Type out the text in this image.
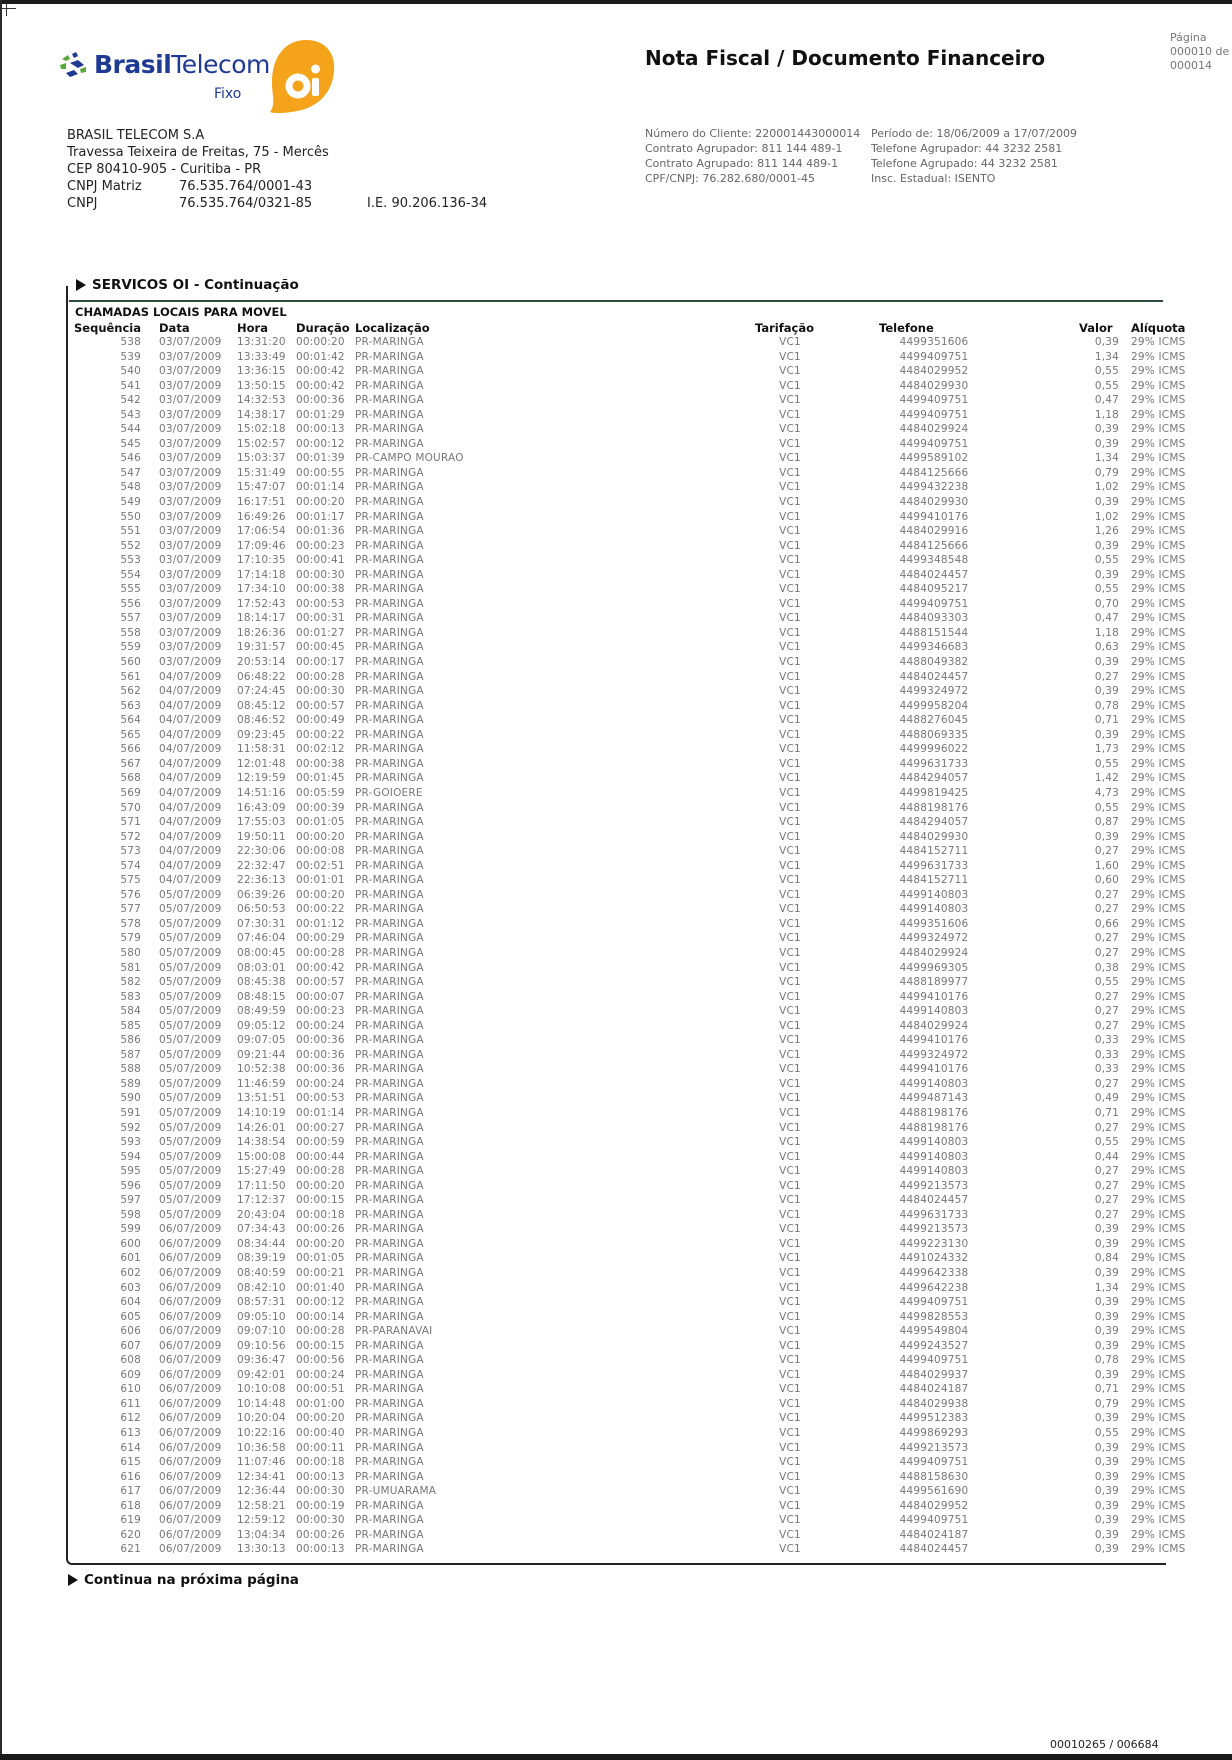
BrasilTelecom
Fixo
BRASIL TELECOM S.A
Travessa Teixeira de Freitas, 75 - Mercês
CEP 80410-905 - Curitiba - PR
CNPJ Matriz	76.535.764/0001-43
CNPJ	76.535.764/0321-85	I.E. 90.206.136-34
Nota Fiscal / Documento Financeiro
Página
000010 de
000014
Número do Cliente: 220001443000014 Período de: 18/06/2009 a 17/07/2009
Contrato Agrupador: 811 144 489-1	Telefone Agrupador: 44 3232 2581
Contrato Agrupado: 811 144 489-1	Telefone Agrupado: 44 3232 2581
CPF/CNPJ: 76.282.680/0001-45	Insc. Estadual: ISENTO
SERVICOS OI - Continuação
CHAMADAS LOCAIS PARA MOVEL
Sequência	Data	Hora	Duração	Localização	Tarifação		Telefone		Valor	Alíquota
538	03/07/2009	13:31:20	00:00:20	PR-MARINGA	VC1		4499351606		0,39	29% ICMS
539	03/07/2009	13:33:49	00:01:42	PR-MARINGA	VC1		4499409751		1,34	29% ICMS
540	03/07/2009	13:36:15	00:00:42	PR-MARINGA	VC1		4484029952		0,55	29% ICMS
541	03/07/2009	13:50:15	00:00:42	PR-MARINGA	VC1		4484029930		0,55	29% ICMS
542	03/07/2009	14:32:53	00:00:36	PR-MARINGA	VC1		4499409751		0,47	29% ICMS
543	03/07/2009	14:38:17	00:01:29	PR-MARINGA	VC1		4499409751		1,18	29% ICMS
544	03/07/2009	15:02:18	00:00:13	PR-MARINGA	VC1		4484029924		0,39	29% ICMS
545	03/07/2009	15:02:57	00:00:12	PR-MARINGA	VC1		4499409751		0,39	29% ICMS
546	03/07/2009	15:03:37	00:01:39	PR-CAMPO MOURAO	VC1		4499589102		1,34	29% ICMS
547	03/07/2009	15:31:49	00:00:55	PR-MARINGA	VC1		4484125666		0,79	29% ICMS
548	03/07/2009	15:47:07	00:01:14	PR-MARINGA	VC1		4499432238		1,02	29% ICMS
549	03/07/2009	16:17:51	00:00:20	PR-MARINGA	VC1		4484029930		0,39	29% ICMS
550	03/07/2009	16:49:26	00:01:17	PR-MARINGA	VC1		4499410176		1,02	29% ICMS
551	03/07/2009	17:06:54	00:01:36	PR-MARINGA	VC1		4484029916		1,26	29% ICMS
552	03/07/2009	17:09:46	00:00:23	PR-MARINGA	VC1		4484125666		0,39	29% ICMS
553	03/07/2009	17:10:35	00:00:41	PR-MARINGA	VC1		4499348548		0,55	29% ICMS
554	03/07/2009	17:14:18	00:00:30	PR-MARINGA	VC1		4484024457		0,39	29% ICMS
555	03/07/2009	17:34:10	00:00:38	PR-MARINGA	VC1		4484095217		0,55	29% ICMS
556	03/07/2009	17:52:43	00:00:53	PR-MARINGA	VC1		4499409751		0,70	29% ICMS
557	03/07/2009	18:14:17	00:00:31	PR-MARINGA	VC1		4484093303		0,47	29% ICMS
558	03/07/2009	18:26:36	00:01:27	PR-MARINGA	VC1		4488151544		1,18	29% ICMS
559	03/07/2009	19:31:57	00:00:45	PR-MARINGA	VC1		4499346683		0,63	29% ICMS
560	03/07/2009	20:53:14	00:00:17	PR-MARINGA	VC1		4488049382		0,39	29% ICMS
561	04/07/2009	06:48:22	00:00:28	PR-MARINGA	VC1		4484024457		0,27	29% ICMS
562	04/07/2009	07:24:45	00:00:30	PR-MARINGA	VC1		4499324972		0,39	29% ICMS
563	04/07/2009	08:45:12	00:00:57	PR-MARINGA	VC1		4499958204		0,78	29% ICMS
564	04/07/2009	08:46:52	00:00:49	PR-MARINGA	VC1		4488276045		0,71	29% ICMS
565	04/07/2009	09:23:45	00:00:22	PR-MARINGA	VC1		4488069335		0,39	29% ICMS
566	04/07/2009	11:58:31	00:02:12	PR-MARINGA	VC1		4499996022		1,73	29% ICMS
567	04/07/2009	12:01:48	00:00:38	PR-MARINGA	VC1		4499631733		0,55	29% ICMS
568	04/07/2009	12:19:59	00:01:45	PR-MARINGA	VC1		4484294057		1,42	29% ICMS
569	04/07/2009	14:51:16	00:05:59	PR-GOIOERE	VC1		4499819425		4,73	29% ICMS
570	04/07/2009	16:43:09	00:00:39	PR-MARINGA	VC1		4488198176		0,55	29% ICMS
571	04/07/2009	17:55:03	00:01:05	PR-MARINGA	VC1		4484294057		0,87	29% ICMS
572	04/07/2009	19:50:11	00:00:20	PR-MARINGA	VC1		4484029930		0,39	29% ICMS
573	04/07/2009	22:30:06	00:00:08	PR-MARINGA	VC1		4484152711		0,27	29% ICMS
574	04/07/2009	22:32:47	00:02:51	PR-MARINGA	VC1		4499631733		1,60	29% ICMS
575	04/07/2009	22:36:13	00:01:01	PR-MARINGA	VC1		4484152711		0,60	29% ICMS
576	05/07/2009	06:39:26	00:00:20	PR-MARINGA	VC1		4499140803		0,27	29% ICMS
577	05/07/2009	06:50:53	00:00:22	PR-MARINGA	VC1		4499140803		0,27	29% ICMS
578	05/07/2009	07:30:31	00:01:12	PR-MARINGA	VC1		4499351606		0,66	29% ICMS
579	05/07/2009	07:46:04	00:00:29	PR-MARINGA	VC1		4499324972		0,27	29% ICMS
580	05/07/2009	08:00:45	00:00:28	PR-MARINGA	VC1		4484029924		0,27	29% ICMS
581	05/07/2009	08:03:01	00:00:42	PR-MARINGA	VC1		4499969305		0,38	29% ICMS
582	05/07/2009	08:45:38	00:00:57	PR-MARINGA	VC1		4488189977		0,55	29% ICMS
583	05/07/2009	08:48:15	00:00:07	PR-MARINGA	VC1		4499410176		0,27	29% ICMS
584	05/07/2009	08:49:59	00:00:23	PR-MARINGA	VC1		4499140803		0,27	29% ICMS
585	05/07/2009	09:05:12	00:00:24	PR-MARINGA	VC1		4484029924		0,27	29% ICMS
586	05/07/2009	09:07:05	00:00:36	PR-MARINGA	VC1		4499410176		0,33	29% ICMS
587	05/07/2009	09:21:44	00:00:36	PR-MARINGA	VC1		4499324972		0,33	29% ICMS
588	05/07/2009	10:52:38	00:00:36	PR-MARINGA	VC1		4499410176		0,33	29% ICMS
589	05/07/2009	11:46:59	00:00:24	PR-MARINGA	VC1		4499140803		0,27	29% ICMS
590	05/07/2009	13:51:51	00:00:53	PR-MARINGA	VC1		4499487143		0,49	29% ICMS
591	05/07/2009	14:10:19	00:01:14	PR-MARINGA	VC1		4488198176		0,71	29% ICMS
592	05/07/2009	14:26:01	00:00:27	PR-MARINGA	VC1		4488198176		0,27	29% ICMS
593	05/07/2009	14:38:54	00:00:59	PR-MARINGA	VC1		4499140803		0,55	29% ICMS
594	05/07/2009	15:00:08	00:00:44	PR-MARINGA	VC1		4499140803		0,44	29% ICMS
595	05/07/2009	15:27:49	00:00:28	PR-MARINGA	VC1		4499140803		0,27	29% ICMS
596	05/07/2009	17:11:50	00:00:20	PR-MARINGA	VC1		4499213573		0,27	29% ICMS
597	05/07/2009	17:12:37	00:00:15	PR-MARINGA	VC1		4484024457		0,27	29% ICMS
598	05/07/2009	20:43:04	00:00:18	PR-MARINGA	VC1		4499631733		0,27	29% ICMS
599	06/07/2009	07:34:43	00:00:26	PR-MARINGA	VC1		4499213573		0,39	29% ICMS
600	06/07/2009	08:34:44	00:00:20	PR-MARINGA	VC1		4499223130		0,39	29% ICMS
601	06/07/2009	08:39:19	00:01:05	PR-MARINGA	VC1		4491024332		0,84	29% ICMS
602	06/07/2009	08:40:59	00:00:21	PR-MARINGA	VC1		4499642338		0,39	29% ICMS
603	06/07/2009	08:42:10	00:01:40	PR-MARINGA	VC1		4499642238		1,34	29% ICMS
604	06/07/2009	08:57:31	00:00:12	PR-MARINGA	VC1		4499409751		0,39	29% ICMS
605	06/07/2009	09:05:10	00:00:14	PR-MARINGA	VC1		4499828553		0,39	29% ICMS
606	06/07/2009	09:07:10	00:00:28	PR-PARANAVAI	VC1		4499549804		0,39	29% ICMS
607	06/07/2009	09:10:56	00:00:15	PR-MARINGA	VC1		4499243527		0,39	29% ICMS
608	06/07/2009	09:36:47	00:00:56	PR-MARINGA	VC1		4499409751		0,78	29% ICMS
609	06/07/2009	09:42:01	00:00:24	PR-MARINGA	VC1		4484029937		0,39	29% ICMS
610	06/07/2009	10:10:08	00:00:51	PR-MARINGA	VC1		4484024187		0,71	29% ICMS
611	06/07/2009	10:14:48	00:01:00	PR-MARINGA	VC1		4484029938		0,79	29% ICMS
612	06/07/2009	10:20:04	00:00:20	PR-MARINGA	VC1		4499512383		0,39	29% ICMS
613	06/07/2009	10:22:16	00:00:40	PR-MARINGA	VC1		4499869293		0,55	29% ICMS
614	06/07/2009	10:36:58	00:00:11	PR-MARINGA	VC1		4499213573		0,39	29% ICMS
615	06/07/2009	11:07:46	00:00:18	PR-MARINGA	VC1		4499409751		0,39	29% ICMS
616	06/07/2009	12:34:41	00:00:13	PR-MARINGA	VC1		4488158630		0,39	29% ICMS
617	06/07/2009	12:36:44	00:00:30	PR-UMUARAMA	VC1		4499561690		0,39	29% ICMS
618	06/07/2009	12:58:21	00:00:19	PR-MARINGA	VC1		4484029952		0,39	29% ICMS
619	06/07/2009	12:59:12	00:00:30	PR-MARINGA	VC1		4499409751		0,39	29% ICMS
620	06/07/2009	13:04:34	00:00:26	PR-MARINGA	VC1		4484024187		0,39	29% ICMS
621	06/07/2009	13:30:13	00:00:13	PR-MARINGA	VC1		4484024457		0,39	29% ICMS
Continua na próxima página
00010265 / 006684
